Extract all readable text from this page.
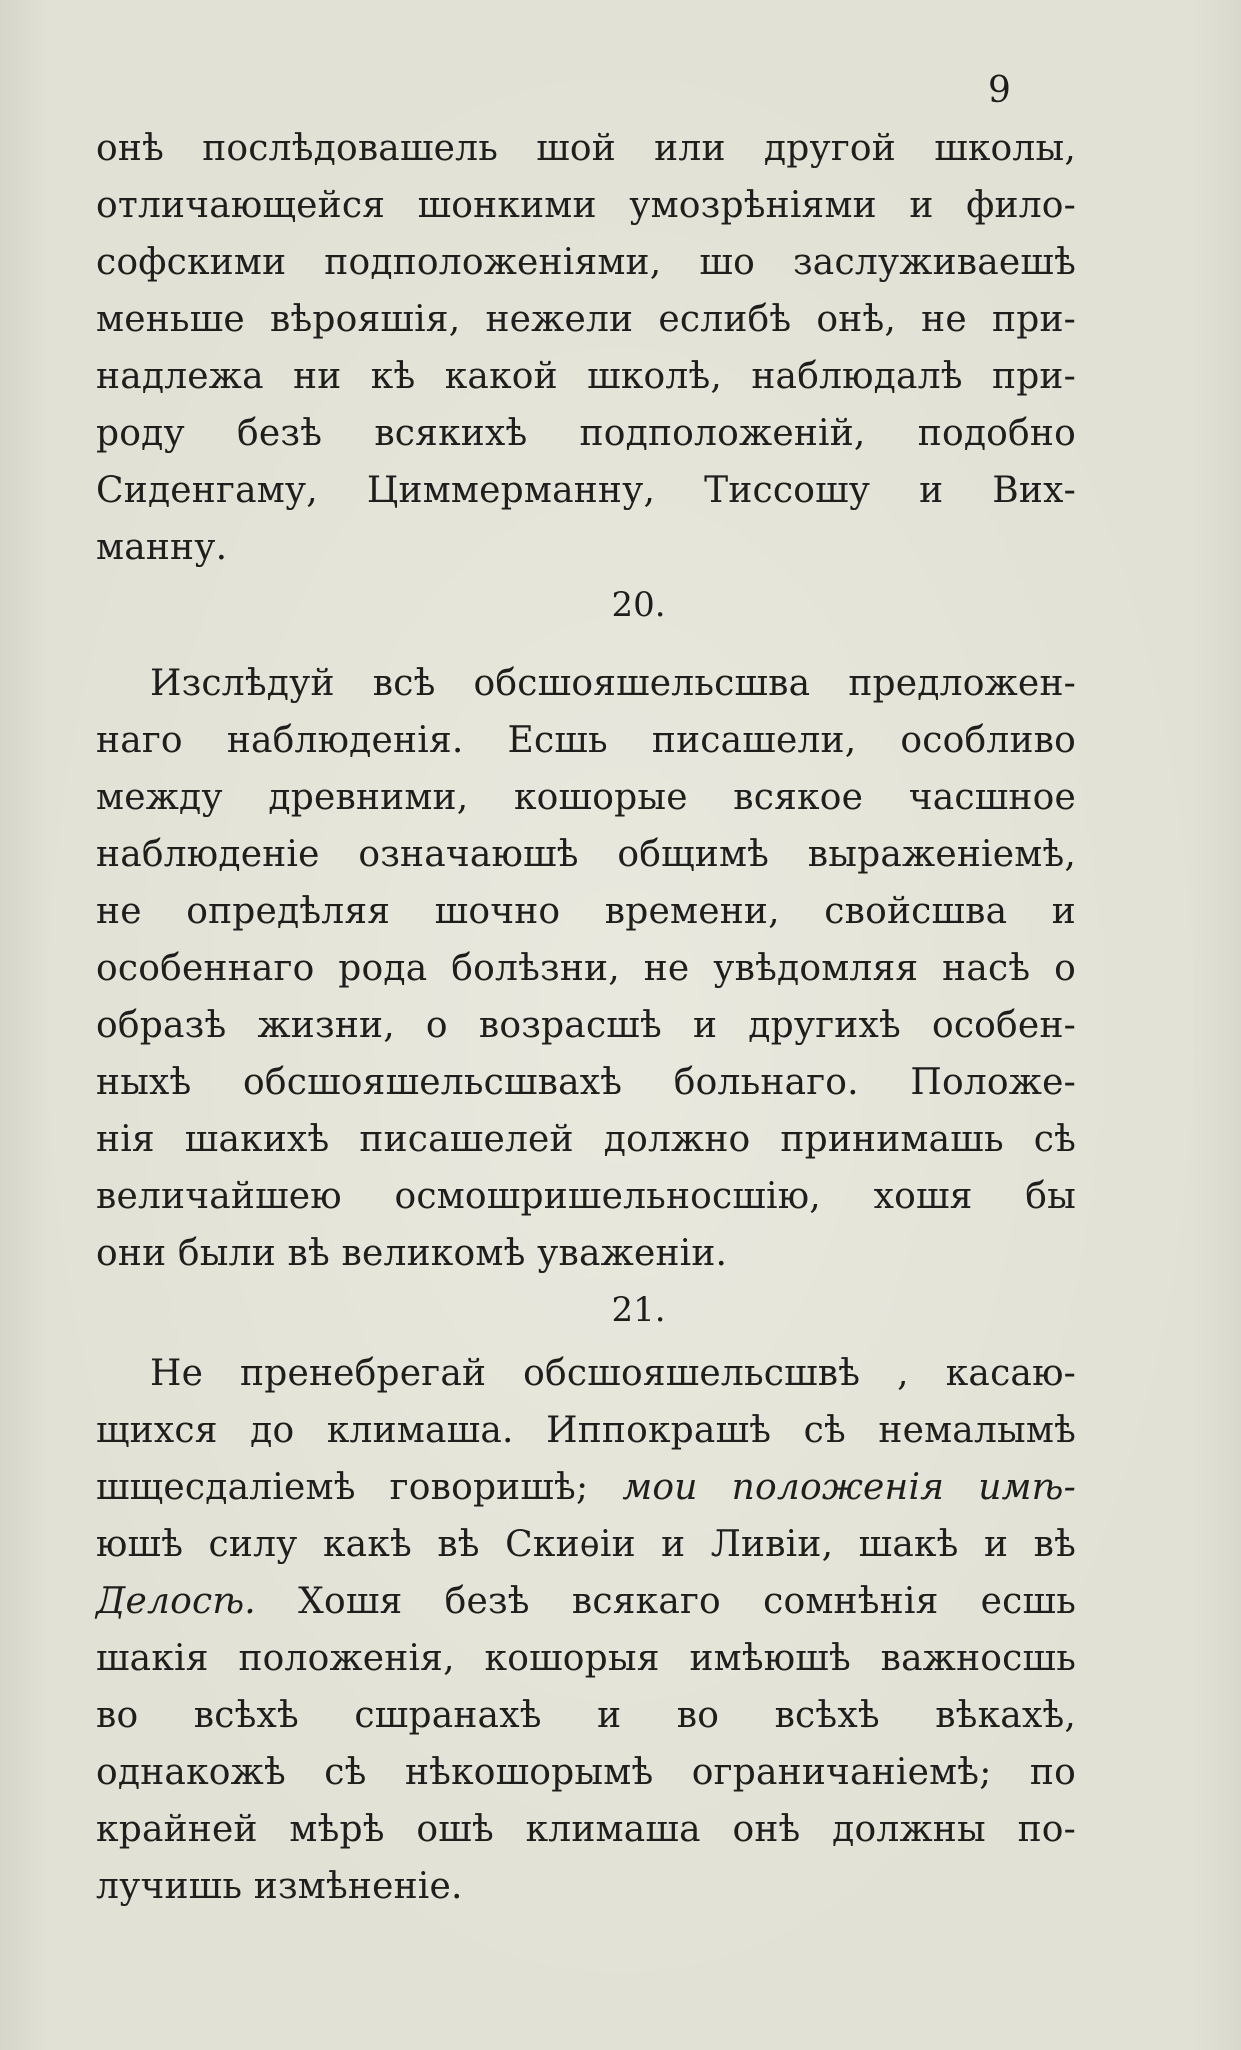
9
онѣ послѣдовашель шой или другой школы,
отличающейся шонкими умозрѣніями и фило-
софскими подположеніями, шо заслуживаешѣ
меньше вѣрояшія, нежели еслибѣ онѣ, не при-
надлежа ни кѣ какой школѣ, наблюдалѣ при-
роду безѣ всякихѣ подположеній, подобно
Сиденгаму, Циммерманну, Тиссошу и Вих-
манну.
20.
Изслѣдуй всѣ обсшояшельсшва предложен-
наго наблюденія. Есшь писашели, особливо
между древними, кошорые всякое часшное
наблюденіе означаюшѣ общимѣ выраженіемѣ,
не опредѣляя шочно времени, свойсшва и
особеннаго рода болѣзни, не увѣдомляя насѣ о
образѣ жизни, о возрасшѣ и другихѣ особен-
ныхѣ обсшояшельсшвахѣ больнаго. Положе-
нія шакихѣ писашелей должно принимашь сѣ
величайшею осмошришельносшію, хошя бы
они были вѣ великомѣ уваженіи.
21.
Не пренебрегай обсшояшельсшвѣ , касаю-
щихся до климаша. Иппокрашѣ сѣ немалымѣ
шщесдаліемѣ говоришѣ; мои положенія имѣ-
юшѣ силу какѣ вѣ Скиѳіи и Ливіи, шакѣ и вѣ
Делосѣ. Хошя безѣ всякаго сомнѣнія есшь
шакія положенія, кошорыя имѣюшѣ важносшь
во всѣхѣ сшранахѣ и во всѣхѣ вѣкахѣ,
однакожѣ сѣ нѣкошорымѣ ограничаніемѣ; по
крайней мѣрѣ ошѣ климаша онѣ должны по-
лучишь измѣненіе.
